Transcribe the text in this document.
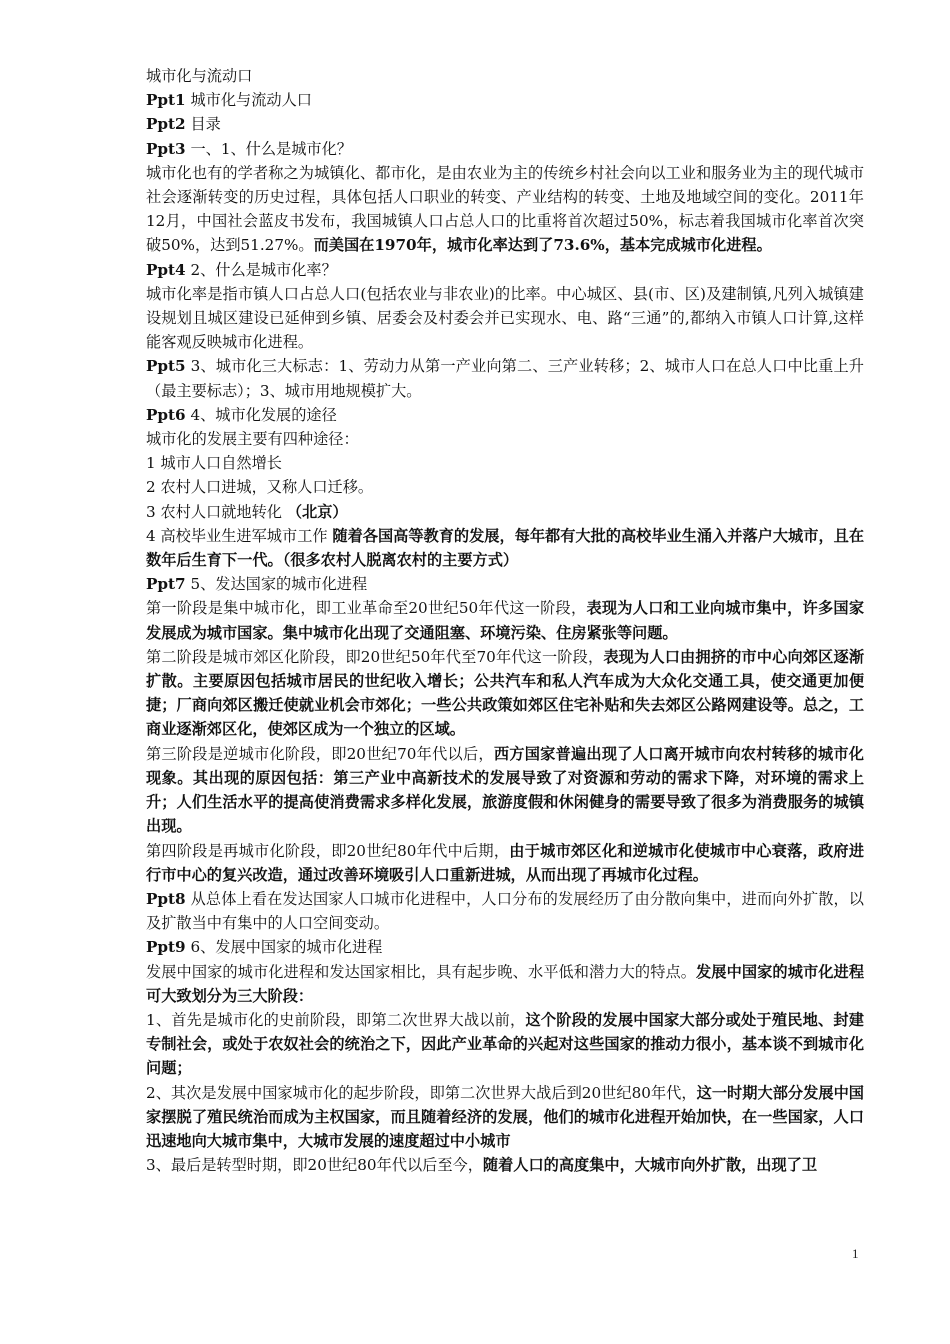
城市化与流动口

Ppt1 城市化与流动人口

Ppt2 目录

Ppt3 一、1、什么是城市化？

城市化也有的学者称之为城镇化、都市化，是由农业为主的传统乡村社会向以工业和服务业为主的现代城市社会逐渐转变的历史过程，具体包括人口职业的转变、产业结构的转变、土地及地域空间的变化。2011年12月，中国社会蓝皮书发布，我国城镇人口占总人口的比重将首次超过50%，标志着我国城市化率首次突破50%，达到51.27%。而美国在1970年，城市化率达到了73.6%，基本完成城市化进程。

Ppt4 2、什么是城市化率？

城市化率是指市镇人口占总人口(包括农业与非农业)的比率。中心城区、县(市、区)及建制镇,凡列入城镇建设规划且城区建设已延伸到乡镇、居委会及村委会并已实现水、电、路“三通”的,都纳入市镇人口计算,这样能客观反映城市化进程。

Ppt5 3、城市化三大标志：1、劳动力从第一产业向第二、三产业转移；2、城市人口在总人口中比重上升（最主要标志）；3、城市用地规模扩大。

Ppt6 4、城市化发展的途径

城市化的发展主要有四种途径：

1 城市人口自然增长

2 农村人口进城，又称人口迁移。

3 农村人口就地转化 （北京）

4 高校毕业生进军城市工作 随着各国高等教育的发展，每年都有大批的高校毕业生涌入并落户大城市，且在数年后生育下一代。（很多农村人脱离农村的主要方式）

Ppt7 5、发达国家的城市化进程

第一阶段是集中城市化，即工业革命至20世纪50年代这一阶段，表现为人口和工业向城市集中，许多国家发展成为城市国家。集中城市化出现了交通阻塞、环境污染、住房紧张等问题。

第二阶段是城市郊区化阶段，即20世纪50年代至70年代这一阶段，表现为人口由拥挤的市中心向郊区逐渐扩散。主要原因包括城市居民的世纪收入增长；公共汽车和私人汽车成为大众化交通工具，使交通更加便捷；厂商向郊区搬迁使就业机会市郊化；一些公共政策如郊区住宅补贴和失去郊区公路网建设等。总之，工商业逐渐郊区化，使郊区成为一个独立的区域。

第三阶段是逆城市化阶段，即20世纪70年代以后，西方国家普遍出现了人口离开城市向农村转移的城市化现象。其出现的原因包括：第三产业中高新技术的发展导致了对资源和劳动的需求下降，对环境的需求上升；人们生活水平的提高使消费需求多样化发展，旅游度假和休闲健身的需要导致了很多为消费服务的城镇出现。

第四阶段是再城市化阶段，即20世纪80年代中后期，由于城市郊区化和逆城市化使城市中心衰落，政府进行市中心的复兴改造，通过改善环境吸引人口重新进城，从而出现了再城市化过程。

Ppt8 从总体上看在发达国家人口城市化进程中，人口分布的发展经历了由分散向集中，进而向外扩散，以及扩散当中有集中的人口空间变动。

Ppt9 6、发展中国家的城市化进程

发展中国家的城市化进程和发达国家相比，具有起步晚、水平低和潜力大的特点。发展中国家的城市化进程可大致划分为三大阶段：

1、首先是城市化的史前阶段，即第二次世界大战以前，这个阶段的发展中国家大部分或处于殖民地、封建专制社会，或处于农奴社会的统治之下，因此产业革命的兴起对这些国家的推动力很小，基本谈不到城市化问题；

2、其次是发展中国家城市化的起步阶段，即第二次世界大战后到20世纪80年代，这一时期大部分发展中国家摆脱了殖民统治而成为主权国家，而且随着经济的发展，他们的城市化进程开始加快，在一些国家，人口迅速地向大城市集中，大城市发展的速度超过中小城市

3、最后是转型时期，即20世纪80年代以后至今，随着人口的高度集中，大城市向外扩散，出现了卫

1
